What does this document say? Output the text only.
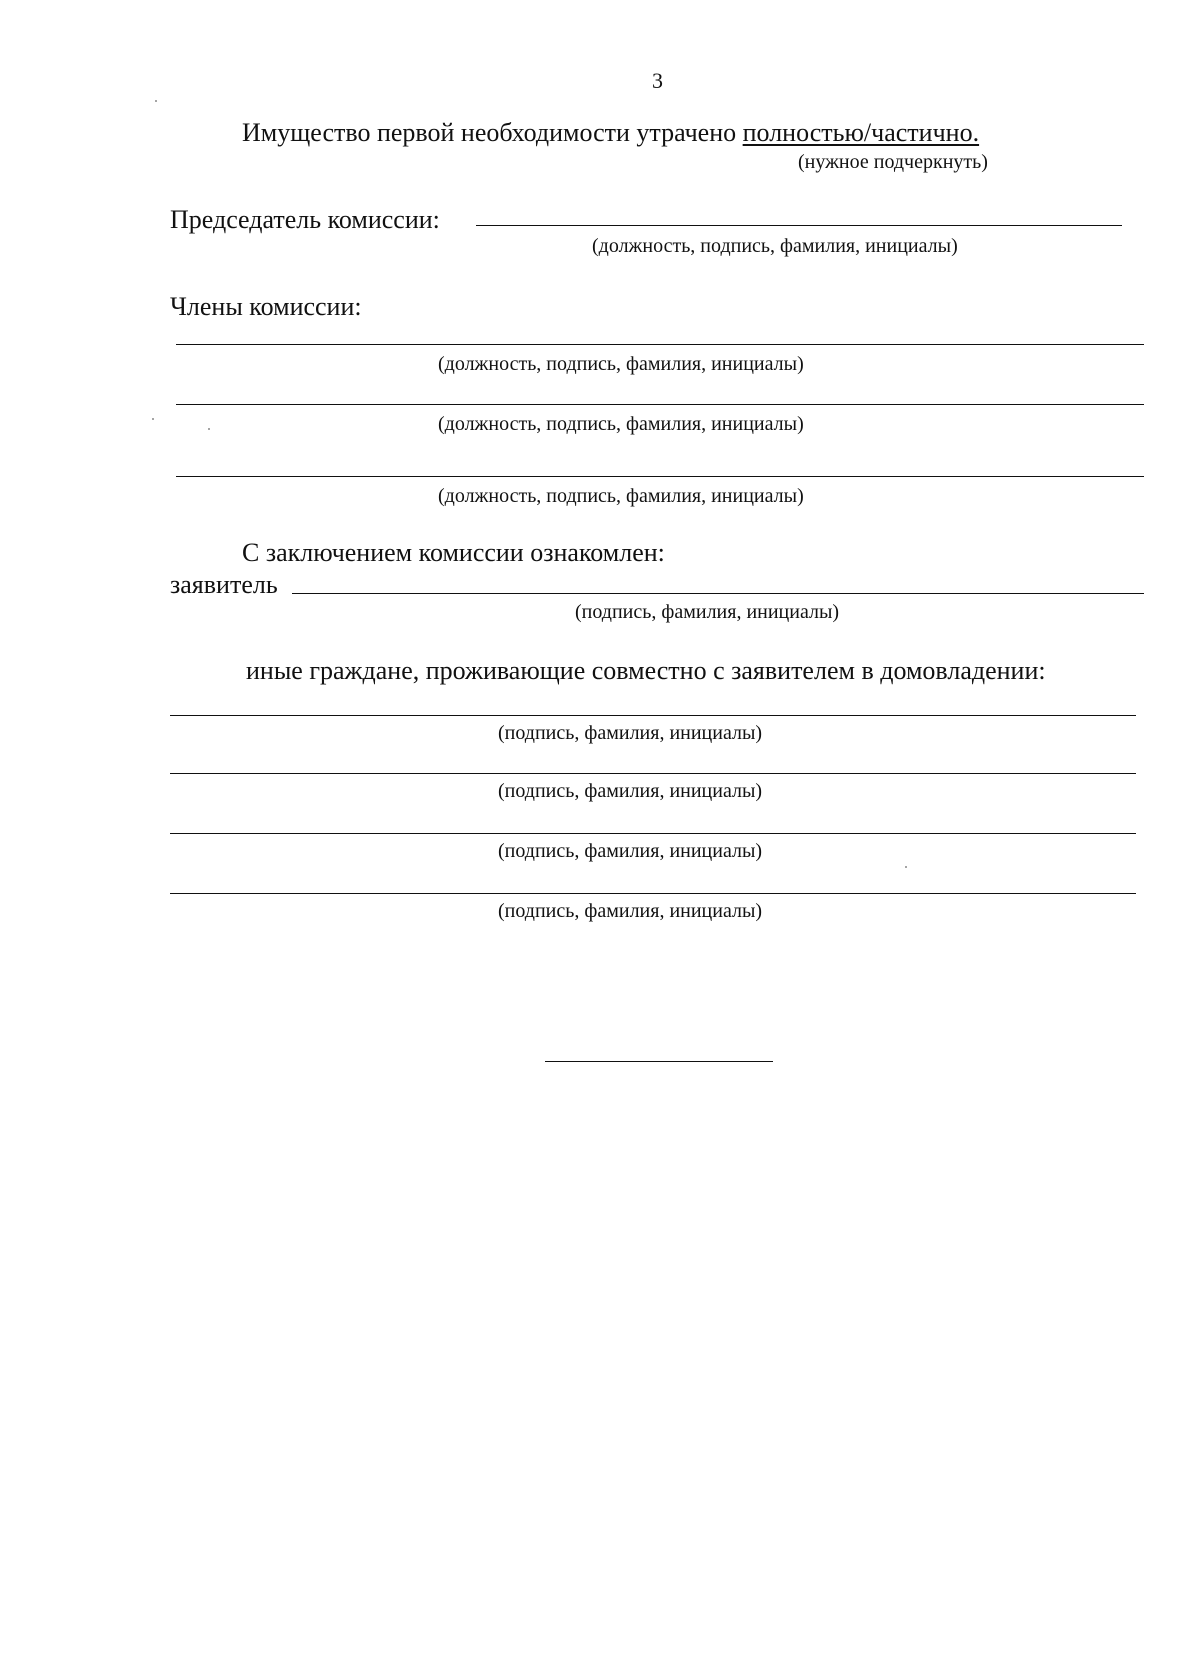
3
Имущество первой необходимости утрачено полностью/частично.
(нужное подчеркнуть)
Председатель комиссии:
(должность, подпись, фамилия, инициалы)
Члены комиссии:
(должность, подпись, фамилия, инициалы)
(должность, подпись, фамилия, инициалы)
(должность, подпись, фамилия, инициалы)
С заключением комиссии ознакомлен:
заявитель
(подпись, фамилия, инициалы)
иные граждане, проживающие совместно с заявителем в домовладении:
(подпись, фамилия, инициалы)
(подпись, фамилия, инициалы)
(подпись, фамилия, инициалы)
(подпись, фамилия, инициалы)
